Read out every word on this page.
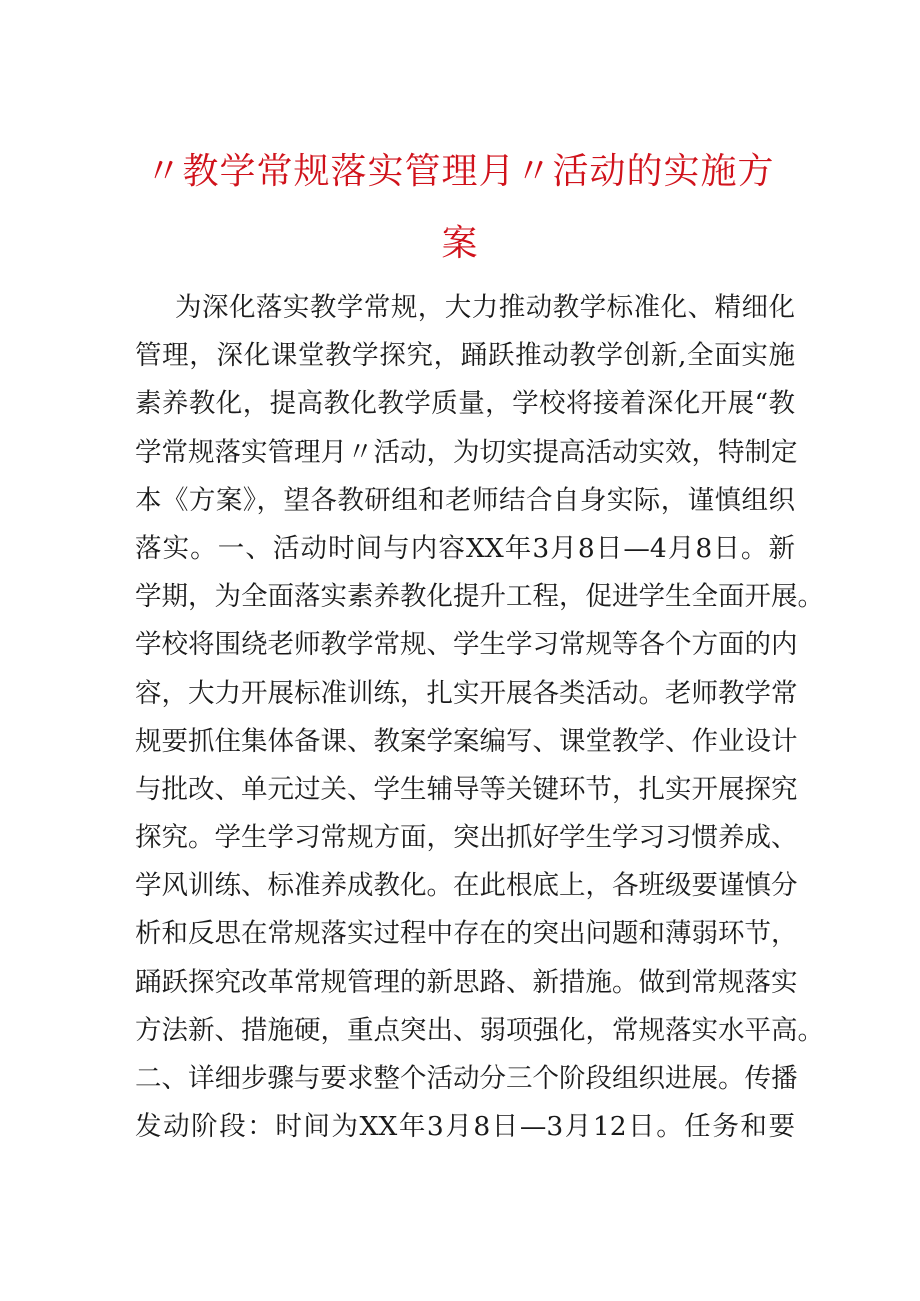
〃教学常规落实管理月〃活动的实施方
案
为深化落实教学常规，大力推动教学标准化、精细化
管理，深化课堂教学探究，踊跃推动教学创新,全面实施
素养教化，提高教化教学质量，学校将接着深化开展“教
学常规落实管理月〃活动，为切实提高活动实效，特制定
本《方案》，望各教研组和老师结合自身实际，谨慎组织
落实。一、活动时间与内容XX年3月8日—4月8日。新
学期，为全面落实素养教化提升工程，促进学生全面开展。
学校将围绕老师教学常规、学生学习常规等各个方面的内
容，大力开展标准训练，扎实开展各类活动。老师教学常
规要抓住集体备课、教案学案编写、课堂教学、作业设计
与批改、单元过关、学生辅导等关键环节，扎实开展探究
探究。学生学习常规方面，突出抓好学生学习习惯养成、
学风训练、标准养成教化。在此根底上，各班级要谨慎分
析和反思在常规落实过程中存在的突出问题和薄弱环节，
踊跃探究改革常规管理的新思路、新措施。做到常规落实
方法新、措施硬，重点突出、弱项强化，常规落实水平高。
二、详细步骤与要求整个活动分三个阶段组织进展。传播
发动阶段：时间为XX年3月8日—3月12日。任务和要
